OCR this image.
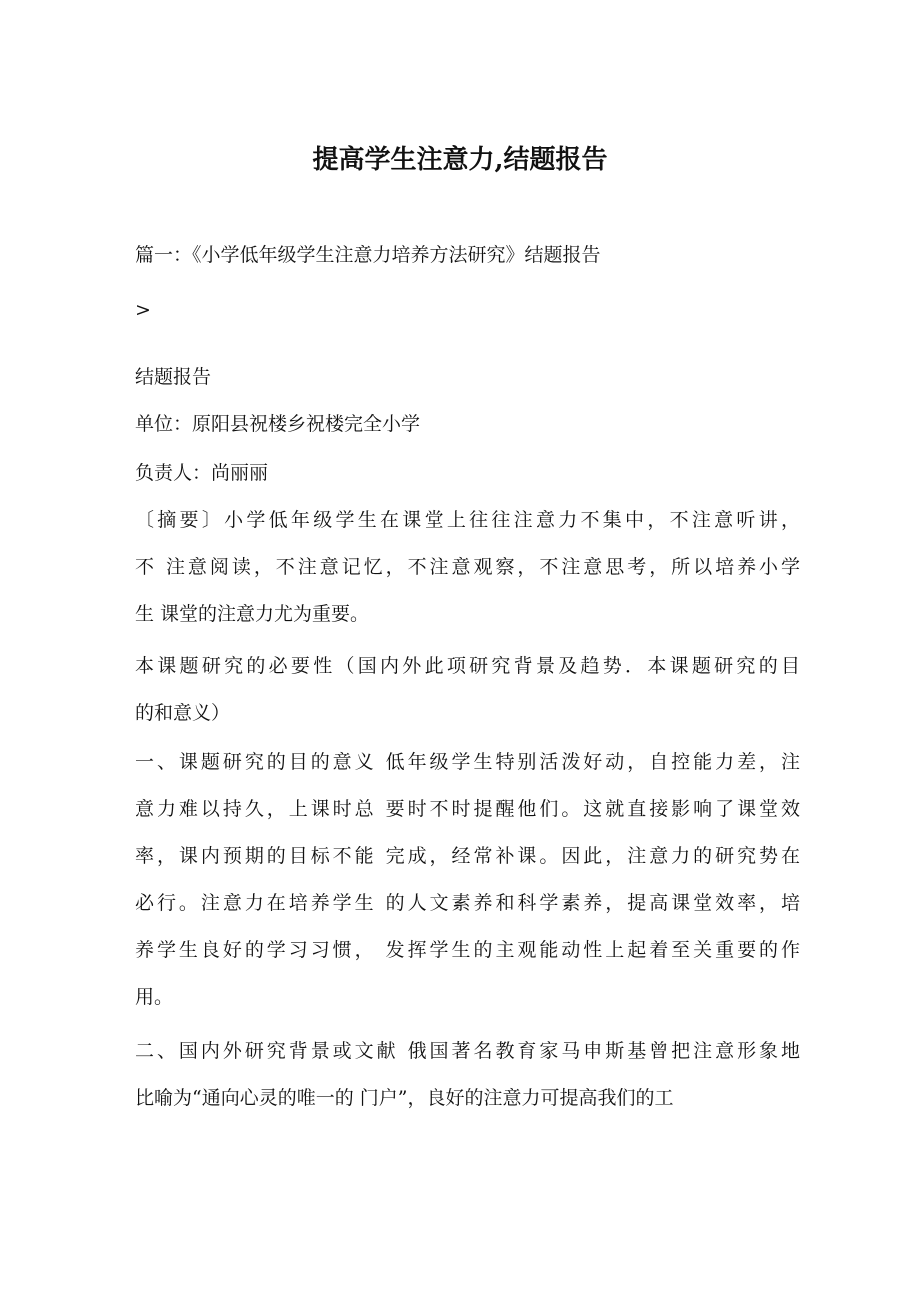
提高学生注意力,结题报告
篇一：《小学低年级学生注意力培养方法研究》结题报告
>
结题报告
单位：原阳县祝楼乡祝楼完全小学
负责人：尚丽丽
〔摘要〕小学低年级学生在课堂上往往注意力不集中，不注意听讲，
不 注意阅读，不注意记忆，不注意观察，不注意思考，所以培养小学
生 课堂的注意力尤为重要。
本课题研究的必要性（国内外此项研究背景及趋势．本课题研究的目
的和意义）
一、课题研究的目的意义 低年级学生特别活泼好动，自控能力差，注
意力难以持久，上课时总 要时不时提醒他们。这就直接影响了课堂效
率，课内预期的目标不能 完成，经常补课。因此，注意力的研究势在
必行。注意力在培养学生 的人文素养和科学素养，提高课堂效率，培
养学生良好的学习习惯， 发挥学生的主观能动性上起着至关重要的作
用。
二、国内外研究背景或文献 俄国著名教育家马申斯基曾把注意形象地
比喻为“通向心灵的唯一的 门户”，良好的注意力可提高我们的工
